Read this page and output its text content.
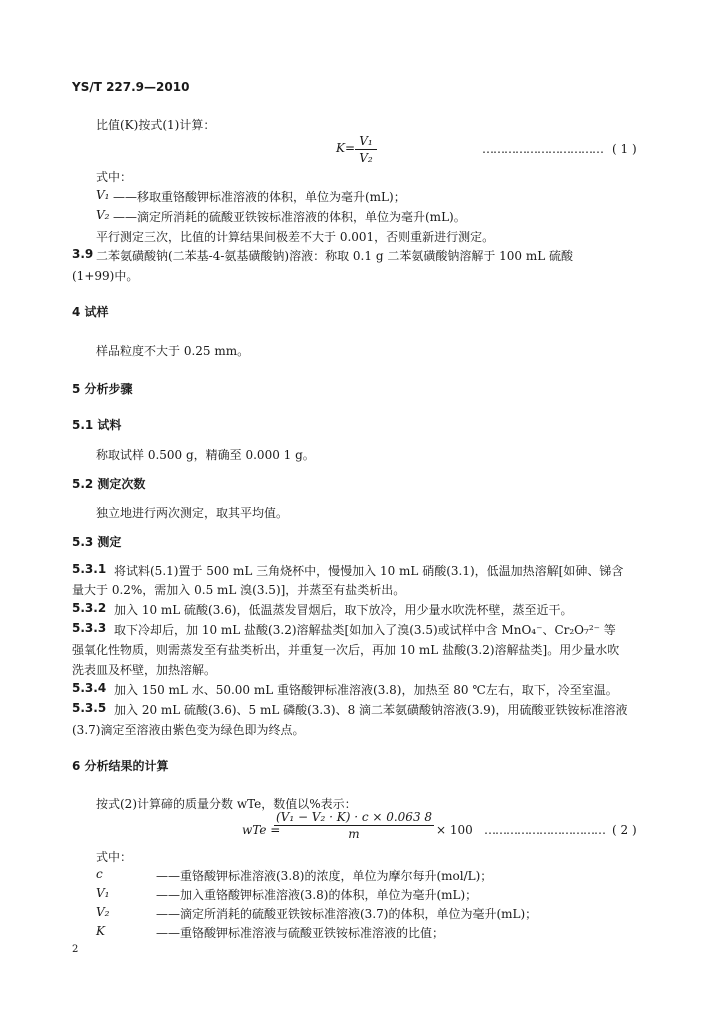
YS/T 227.9—2010
比值(K)按式(1)计算：
K= V₁
V₂
…………………………… ( 1 )
式中：
V₁ ——移取重铬酸钾标准溶液的体积，单位为毫升(mL)；
V₂ ——滴定所消耗的硫酸亚铁铵标准溶液的体积，单位为毫升(mL)。
平行测定三次，比值的计算结果间极差不大于 0.001，否则重新进行测定。
3.9 二苯氨磺酸钠(二苯基-4-氨基磺酸钠)溶液：称取 0.1 g 二苯氨磺酸钠溶解于 100 mL 硫酸
(1+99)中。
4 试样
样品粒度不大于 0.25 mm。
5 分析步骤
5.1 试料
称取试样 0.500 g，精确至 0.000 1 g。
5.2 测定次数
独立地进行两次测定，取其平均值。
5.3 测定
5.3.1 将试料(5.1)置于 500 mL 三角烧杯中，慢慢加入 10 mL 硝酸(3.1)，低温加热溶解[如砷、锑含
量大于 0.2%，需加入 0.5 mL 溴(3.5)]，并蒸至有盐类析出。
5.3.2 加入 10 mL 硫酸(3.6)，低温蒸发冒烟后，取下放冷，用少量水吹洗杯壁，蒸至近干。
5.3.3 取下冷却后，加 10 mL 盐酸(3.2)溶解盐类[如加入了溴(3.5)或试样中含 MnO₄⁻、Cr₂O₇²⁻ 等
强氧化性物质，则需蒸发至有盐类析出，并重复一次后，再加 10 mL 盐酸(3.2)溶解盐类]。用少量水吹
洗表皿及杯壁，加热溶解。
5.3.4 加入 150 mL 水、50.00 mL 重铬酸钾标准溶液(3.8)，加热至 80 ℃左右，取下，冷至室温。
5.3.5 加入 20 mL 硫酸(3.6)、5 mL 磷酸(3.3)、8 滴二苯氨磺酸钠溶液(3.9)，用硫酸亚铁铵标准溶液
(3.7)滴定至溶液由紫色变为绿色即为终点。
6 分析结果的计算
按式(2)计算碲的质量分数 wTe，数值以%表示：
wTe =
(V₁ − V₂ · K) · c × 0.063 8
m	× 100 …………………………… ( 2 )
式中：
c	——重铬酸钾标准溶液(3.8)的浓度，单位为摩尔每升(mol/L)；
V₁	——加入重铬酸钾标准溶液(3.8)的体积，单位为毫升(mL)；
V₂	——滴定所消耗的硫酸亚铁铵标准溶液(3.7)的体积，单位为毫升(mL)；
K	——重铬酸钾标准溶液与硫酸亚铁铵标准溶液的比值；
2
